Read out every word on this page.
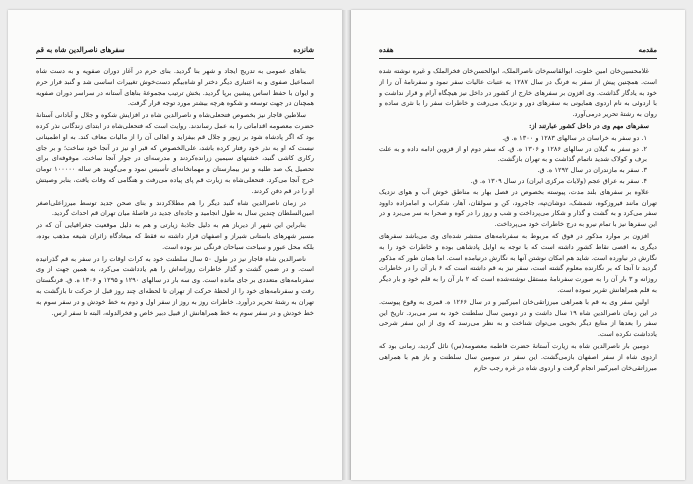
شانزده
سفرهای ناصرالدین شاه به قم

بناهای عمومی به تدریج ایجاد و شهر بنا گردید. بنای حرم در آغاز دوران صفویه و به دست شاه اسماعیل صفوی و به اعتباری دیگر دختر او شاه‌بیگم دست‌خوش تغییرات اساسی شد و گنبد فراز حرم و ایوان با حفظ اساس پیشین برپا گردید. بخش ترتیب مجموعهٔ بناهای آستانه در سراسر دوران صفویه همچنان در جهت توسعه و شکوه هرچه بیشتر مورد توجه قرار گرفت.

سلاطین قاجار نیز بخصوص فتحعلی‌شاه و ناصرالدین شاه در افزایش شکوه و جلال و آبادانی آستانهٔ حضرت معصومه اقداماتی را به عمل رساندند. روایت است که فتحعلی‌شاه در ابتدای زندگانی نذر کرده بود که اگر پادشاه شود بر زیور و جلال قم بیفزاید و اهالی آن را از مالیات معاف کند. به او اطمینانی نیست که او به نذر خود رفتار کرده باشد، علی‌الخصوص که قبر او نیز در آنجا خود ساخت؛ و بر جای رکاری کاشی گنبد، خشتهای سیمین زرانده‌کردند و مدرسه‌ای در جوار آنجا ساخت. موقوفه‌ای برای تحصیل یک صد طلبه و نیز بیمارستان و مهمانخانه‌ای تأسیس نمود و می‌گویند هر ساله ۱۰۰۰۰۰ تومان خرج آنجا می‌کرد. فتحعلی‌شاه به زیارت قم پای پیاده می‌رفت و هنگامی که وفات یافت، بنابر وصیتش او را در قم دفن کردند.

در زمان ناصرالدین شاه گنبد دیگر را هم مطلاکردند و بنای صحن جدید توسط میرزاعلی‌اصغر امین‌السلطان چندین سال به طول انجامید و جاده‌ای جدید در فاصلهٔ میان تهران قم احداث گردید.

بنابراین این شهر از دیرباز هم به دلیل جاذبهٔ زیارتی و هم به دلیل موقعیت جغرافیایی آن که در مسیر شهرهای باستانی شیراز و اصفهان قرار داشته نه فقط که میعادگاه زائران شیعه مذهب بوده، بلکه محل عبور و سیاحت سیاحان فرنگی نیز بوده است.

ناصرالدین شاه قاجار نیز در طول ۵۰ سال سلطنت خود به کرات اوقات را در سفر به قم گذرانیده است. و در ضمن گشت و گذار خاطرات روزانه‌اش را هم یادداشت می‌کرد، به همین جهت از وی سفرنامه‌های متعددی بر جای مانده است. وی سه بار در سالهای ۱۲۹۰ و ۱۲۹۵ و ۱۳۰۶ ه. ق. فرنگستان رفت و سفرنامه‌های خود را از لحظهٔ حرکت از تهران تا لحظه‌ای چند روز قبل از حرکت تا بازگشت به تهران به رشتهٔ تحریر درآورد. خاطرات روز به روز از سفر اول و دوم به خط خودش و در سفر سوم به خط خودش و در سفر سوم به خط همراهانش از قبیل دبیر خاص و فخرالدوله، البته تا سفر ارس.

مقدمه
هفده

غلامحسین‌خان امین خلوت، ابوالقاسم‌خان ناصرالملک، ابوالحسن‌خان فخرالملک و غیره نوشته شده است. همچنین پیش از سفر به فرنگ در سال ۱۲۸۷ به عتبات عالیات سفر نمود و سفرنامهٔ آن را از خود به یادگار گذاشت. وی افزون بر سفرهای خارج از کشور در داخل نیز هیچگاه آرام و قرار نداشت و با اردوئی به نام اردوی همایونی به سفرهای دور و نزدیک می‌رفت و خاطرات سفر را با نثری ساده و روان به رشتهٔ تحریر درمی‌آورد.

سفرهای مهم وی در داخل کشور عبارتند از:

۱. دو سفر به خراسان در سالهای ۱۲۸۳ و ۱۳۰۰ ه. ق.
۲. دو سفر به گیلان در سالهای ۱۲۸۶ و ۱۳۰۶ ه. ق. که سفر دوم او از قزوین ادامه داده و به علت برف و کولاک شدید ناتمام گذاشت و به تهران بازگشت.
۳. سفر به مازندران در سال ۱۲۹۲ ه. ق.
۴. سفر به عراق عجم (ولایات مرکزی ایران) در سال ۱۳۰۹ ه. ق.

علاوه بر سفرهای بلند مدت، پیوسته بخصوص در فصل بهار به مناطق خوش آب و هوای نزدیک تهران مانند فیروزکوه، شمشک، دوشان‌تپه، جاجرود، کن و سولقان، آهار، شکراب و امامزاده داوود سفر می‌کرد و به گشت و گذار و شکار می‌پرداخت و شب و روز را در کوه و صحرا به سر می‌برد و در این سفرها نیز با تمام نیرو به درج خاطرات خود می‌پرداخت.

افزون بر موارد مذکور در فوق که مربوط به سفرنامه‌های منتشر شده‌ای وی می‌باشد سفرهای دیگری به اقصی نقاط کشور داشته است که با توجه به اوایل پادشاهی بوده و خاطرات خود را به نگارش در نیاورده است. شاید هم امکان نوشتن آنها به نگارش درنیامده است. اما همان طور که مذکور گردید تا آنجا که بر نگارنده معلوم گشته است، سفر نیز به قم داشته است که ۶ بار آن را در خاطرات روزانه و ۳ بار آن را به صورت سفرنامهٔ مستقل نوشته‌شده است که ۲ بار آن را به قلم خود و بار دیگر به قلم همراهانش تقریر نموده است.

اولین سفر وی به قم با همراهی میرزاتقی‌خان امیرکبیر و در سال ۱۲۶۶ ه. قمری به وقوع پیوست. در این زمان ناصرالدین شاه ۱۹ سال داشت و در دومین سال سلطنت خود به سر می‌برد. تاریخ این سفر را بعدها از منابع دیگر بخوبی می‌توان شناخت و به نظر می‌رسد که وی از این سفر شرحی یادداشت نکرده است.

دومین بار ناصرالدین شاه به زیارت آستانهٔ حضرت فاطمه معصومه(س) نائل گردید، زمانی بود که اردوی شاه از سفر اصفهان بازمی‌گشت. این سفر در سومین سال سلطنت و باز هم با همراهی میرزاتقی‌خان امیرکبیر انجام گرفت و اردوی شاه در غره رجب حازم
